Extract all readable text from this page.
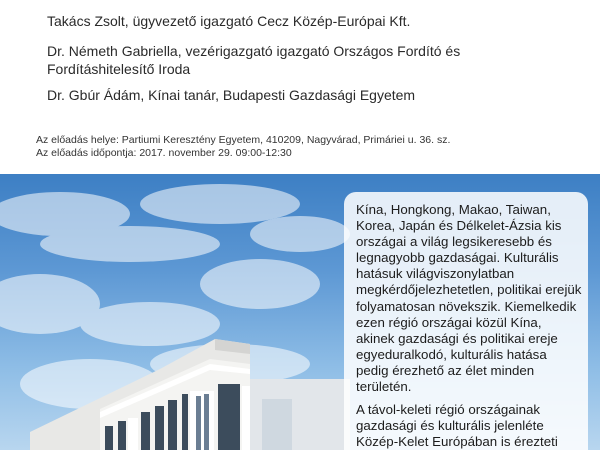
Takács Zsolt, ügyvezető igazgató Cecz Közép-Európai Kft.
Dr. Németh Gabriella, vezérigazgató igazgató Országos Fordító és Fordításhitelesítő Iroda
Dr. Gbúr Ádám, Kínai tanár, Budapesti Gazdasági Egyetem
Az előadás helye: Partiumi Keresztény Egyetem, 410209, Nagyvárad, Primáriei u. 36. sz.
Az előadás időpontja: 2017. november 29. 09:00-12:30

Kína, Hongkong, Makao, Taiwan, Korea, Japán és Délkelet-Ázsia kis országai a világ legsikeresebb és legnagyobb gazdaságai. Kulturális hatásuk világviszonylatban megkérdőjelezhetetlen, politikai erejük folyamatosan növekszik. Kiemelkedik ezen régió országai közül Kína, akinek gazdasági és politikai ereje egyeduralkodó, kulturális hatása pedig érezhető az élet minden területén.

A távol-keleti régió országainak gazdasági és kulturális jelenléte Közép-Kelet Európában is érezteti
